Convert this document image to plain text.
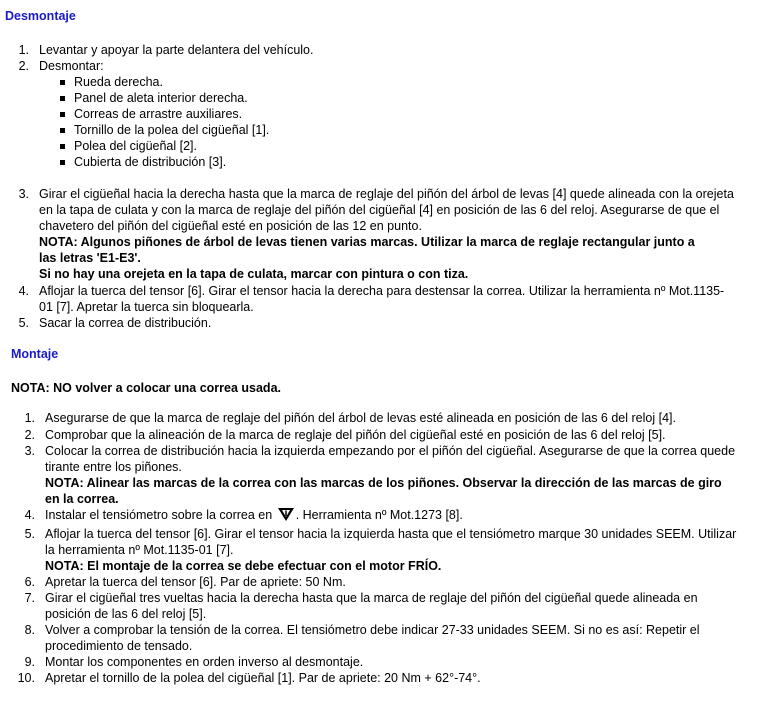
Desmontaje
1. Levantar y apoyar la parte delantera del vehículo.
2. Desmontar:
Rueda derecha.
Panel de aleta interior derecha.
Correas de arrastre auxiliares.
Tornillo de la polea del cigüeñal [1].
Polea del cigüeñal [2].
Cubierta de distribución [3].
3. Girar el cigüeñal hacia la derecha hasta que la marca de reglaje del piñón del árbol de levas [4] quede alineada con la orejeta
en la tapa de culata y con la marca de reglaje del piñón del cigüeñal [4] en posición de las 6 del reloj. Asegurarse de que el
chavetero del piñón del cigüeñal esté en posición de las 12 en punto.
NOTA: Algunos piñones de árbol de levas tienen varias marcas. Utilizar la marca de reglaje rectangular junto a
las letras 'E1-E3'.
Si no hay una orejeta en la tapa de culata, marcar con pintura o con tiza.
4. Aflojar la tuerca del tensor [6]. Girar el tensor hacia la derecha para destensar la correa. Utilizar la herramienta nº Mot.1135-
01 [7]. Apretar la tuerca sin bloquearla.
5. Sacar la correa de distribución.
Montaje
NOTA: NO volver a colocar una correa usada.
1. Asegurarse de que la marca de reglaje del piñón del árbol de levas esté alineada en posición de las 6 del reloj [4].
2. Comprobar que la alineación de la marca de reglaje del piñón del cigüeñal esté en posición de las 6 del reloj [5].
3. Colocar la correa de distribución hacia la izquierda empezando por el piñón del cigüeñal. Asegurarse de que la correa quede
tirante entre los piñones.
NOTA: Alinear las marcas de la correa con las marcas de los piñones. Observar la dirección de las marcas de giro
en la correa.
4. Instalar el tensiómetro sobre la correa en . Herramienta nº Mot.1273 [8].
5. Aflojar la tuerca del tensor [6]. Girar el tensor hacia la izquierda hasta que el tensiómetro marque 30 unidades SEEM. Utilizar
la herramienta nº Mot.1135-01 [7].
NOTA: El montaje de la correa se debe efectuar con el motor FRÍO.
6. Apretar la tuerca del tensor [6]. Par de apriete: 50 Nm.
7. Girar el cigüeñal tres vueltas hacia la derecha hasta que la marca de reglaje del piñón del cigüeñal quede alineada en
posición de las 6 del reloj [5].
8. Volver a comprobar la tensión de la correa. El tensiómetro debe indicar 27-33 unidades SEEM. Si no es así: Repetir el
procedimiento de tensado.
9. Montar los componentes en orden inverso al desmontaje.
10. Apretar el tornillo de la polea del cigüeñal [1]. Par de apriete: 20 Nm + 62°-74°.
